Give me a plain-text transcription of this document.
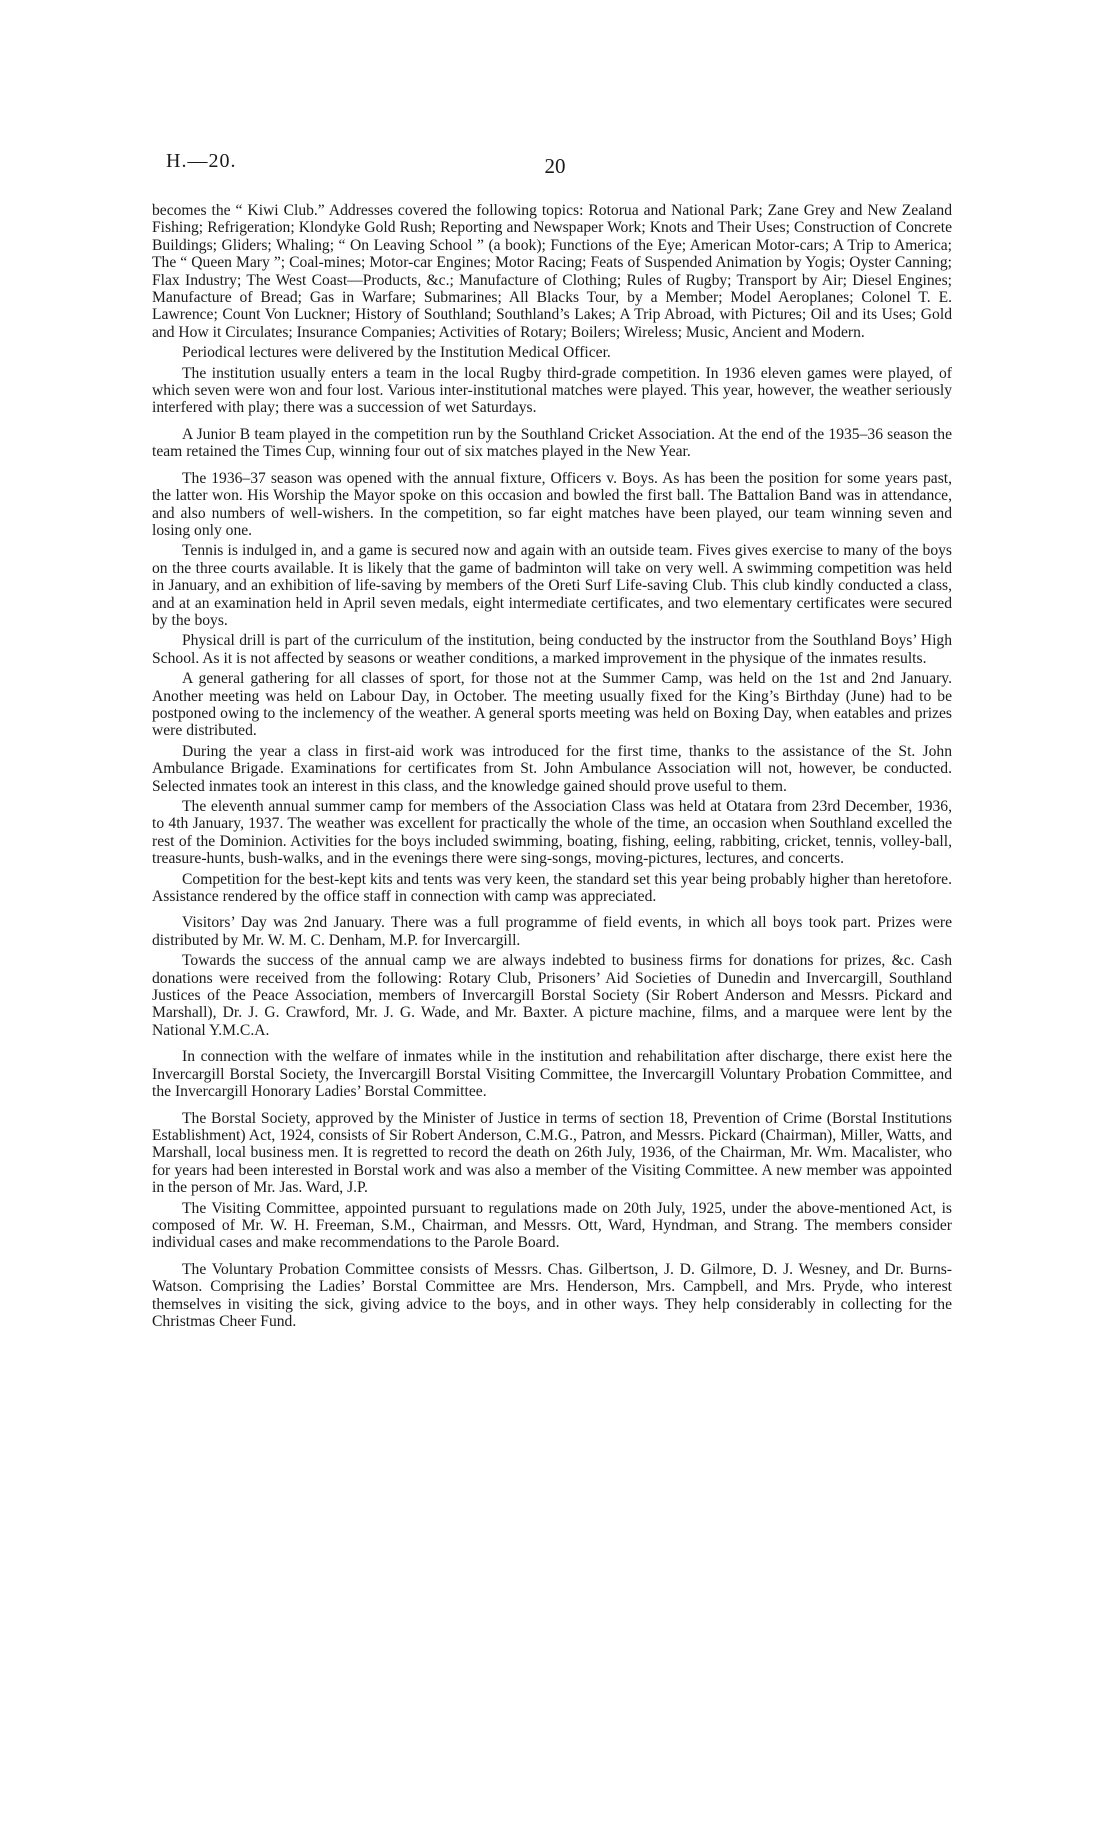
H.—20.	20

becomes the “ Kiwi Club.” Addresses covered the following topics: Rotorua and National Park; Zane Grey and New Zealand Fishing; Refrigeration; Klondyke Gold Rush; Reporting and Newspaper Work; Knots and Their Uses; Construction of Concrete Buildings; Gliders; Whaling; “ On Leaving School ” (a book); Functions of the Eye; American Motor-cars; A Trip to America; The “ Queen Mary ”; Coal-mines; Motor-car Engines; Motor Racing; Feats of Suspended Animation by Yogis; Oyster Canning; Flax Industry; The West Coast—Products, &c.; Manufacture of Clothing; Rules of Rugby; Transport by Air; Diesel Engines; Manufacture of Bread; Gas in Warfare; Submarines; All Blacks Tour, by a Member; Model Aeroplanes; Colonel T. E. Lawrence; Count Von Luckner; History of Southland; Southland’s Lakes; A Trip Abroad, with Pictures; Oil and its Uses; Gold and How it Circulates; Insurance Companies; Activities of Rotary; Boilers; Wireless; Music, Ancient and Modern.

Periodical lectures were delivered by the Institution Medical Officer.

The institution usually enters a team in the local Rugby third-grade competition. In 1936 eleven games were played, of which seven were won and four lost. Various inter-institutional matches were played. This year, however, the weather seriously interfered with play; there was a succession of wet Saturdays.

A Junior B team played in the competition run by the Southland Cricket Association. At the end of the 1935–36 season the team retained the Times Cup, winning four out of six matches played in the New Year.

The 1936–37 season was opened with the annual fixture, Officers v. Boys. As has been the position for some years past, the latter won. His Worship the Mayor spoke on this occasion and bowled the first ball. The Battalion Band was in attendance, and also numbers of well-wishers. In the competition, so far eight matches have been played, our team winning seven and losing only one.

Tennis is indulged in, and a game is secured now and again with an outside team. Fives gives exercise to many of the boys on the three courts available. It is likely that the game of badminton will take on very well. A swimming competition was held in January, and an exhibition of life-saving by members of the Oreti Surf Life-saving Club. This club kindly conducted a class, and at an examination held in April seven medals, eight intermediate certificates, and two elementary certificates were secured by the boys.

Physical drill is part of the curriculum of the institution, being conducted by the instructor from the Southland Boys’ High School. As it is not affected by seasons or weather conditions, a marked improvement in the physique of the inmates results.

A general gathering for all classes of sport, for those not at the Summer Camp, was held on the 1st and 2nd January. Another meeting was held on Labour Day, in October. The meeting usually fixed for the King’s Birthday (June) had to be postponed owing to the inclemency of the weather. A general sports meeting was held on Boxing Day, when eatables and prizes were distributed.

During the year a class in first-aid work was introduced for the first time, thanks to the assistance of the St. John Ambulance Brigade. Examinations for certificates from St. John Ambulance Association will not, however, be conducted. Selected inmates took an interest in this class, and the knowledge gained should prove useful to them.

The eleventh annual summer camp for members of the Association Class was held at Otatara from 23rd December, 1936, to 4th January, 1937. The weather was excellent for practically the whole of the time, an occasion when Southland excelled the rest of the Dominion. Activities for the boys included swimming, boating, fishing, eeling, rabbiting, cricket, tennis, volley-ball, treasure-hunts, bush-walks, and in the evenings there were sing-songs, moving-pictures, lectures, and concerts.

Competition for the best-kept kits and tents was very keen, the standard set this year being probably higher than heretofore. Assistance rendered by the office staff in connection with camp was appreciated.

Visitors’ Day was 2nd January. There was a full programme of field events, in which all boys took part. Prizes were distributed by Mr. W. M. C. Denham, M.P. for Invercargill.

Towards the success of the annual camp we are always indebted to business firms for donations for prizes, &c. Cash donations were received from the following: Rotary Club, Prisoners’ Aid Societies of Dunedin and Invercargill, Southland Justices of the Peace Association, members of Invercargill Borstal Society (Sir Robert Anderson and Messrs. Pickard and Marshall), Dr. J. G. Crawford, Mr. J. G. Wade, and Mr. Baxter. A picture machine, films, and a marquee were lent by the National Y.M.C.A.

In connection with the welfare of inmates while in the institution and rehabilitation after discharge, there exist here the Invercargill Borstal Society, the Invercargill Borstal Visiting Committee, the Invercargill Voluntary Probation Committee, and the Invercargill Honorary Ladies’ Borstal Committee.

The Borstal Society, approved by the Minister of Justice in terms of section 18, Prevention of Crime (Borstal Institutions Establishment) Act, 1924, consists of Sir Robert Anderson, C.M.G., Patron, and Messrs. Pickard (Chairman), Miller, Watts, and Marshall, local business men. It is regretted to record the death on 26th July, 1936, of the Chairman, Mr. Wm. Macalister, who for years had been interested in Borstal work and was also a member of the Visiting Committee. A new member was appointed in the person of Mr. Jas. Ward, J.P.

The Visiting Committee, appointed pursuant to regulations made on 20th July, 1925, under the above-mentioned Act, is composed of Mr. W. H. Freeman, S.M., Chairman, and Messrs. Ott, Ward, Hyndman, and Strang. The members consider individual cases and make recommendations to the Parole Board.

The Voluntary Probation Committee consists of Messrs. Chas. Gilbertson, J. D. Gilmore, D. J. Wesney, and Dr. Burns-Watson. Comprising the Ladies’ Borstal Committee are Mrs. Henderson, Mrs. Campbell, and Mrs. Pryde, who interest themselves in visiting the sick, giving advice to the boys, and in other ways. They help considerably in collecting for the Christmas Cheer Fund.
